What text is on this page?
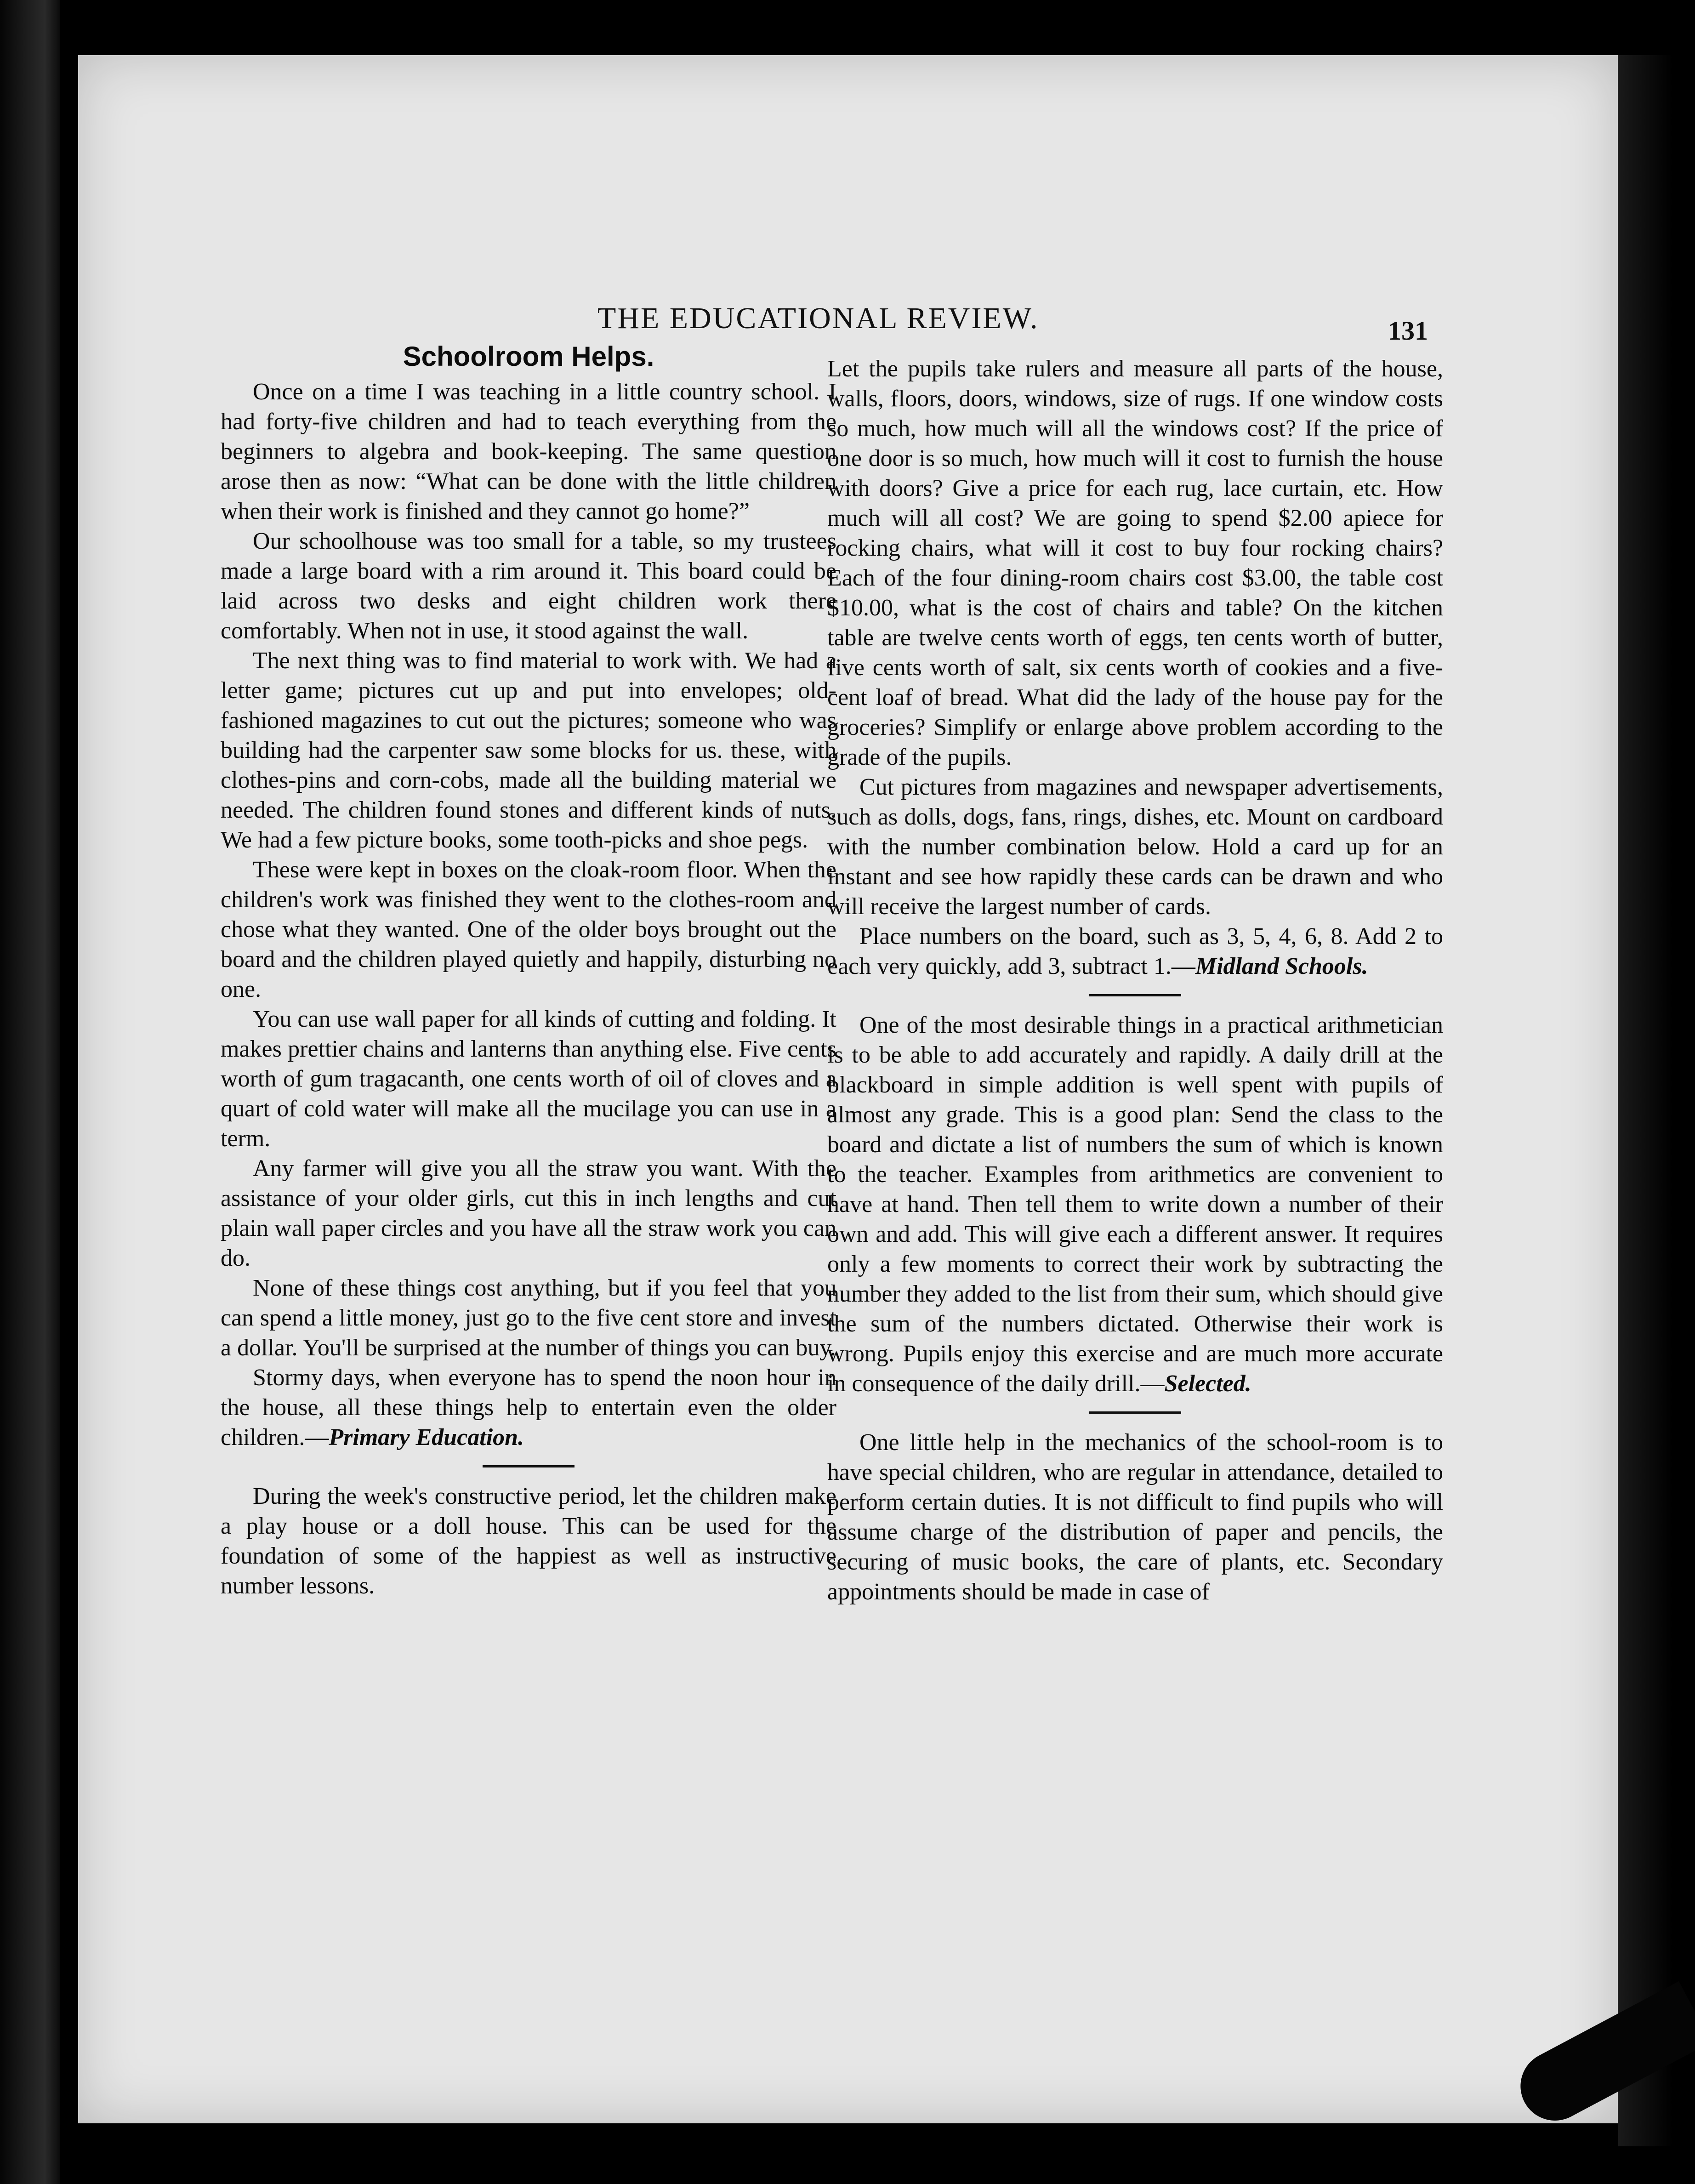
THE EDUCATIONAL REVIEW.	131
Schoolroom Helps.

Once on a time I was teaching in a little country school. I had forty-five children and had to teach everything from the beginners to algebra and book-keeping. The same question arose then as now: “What can be done with the little children when their work is finished and they cannot go home?”

Our schoolhouse was too small for a table, so my trustees made a large board with a rim around it. This board could be laid across two desks and eight children work there comfortably. When not in use, it stood against the wall.

The next thing was to find material to work with. We had a letter game; pictures cut up and put into envelopes; old-fashioned magazines to cut out the pictures; someone who was building had the carpenter saw some blocks for us. these, with clothes-pins and corn-cobs, made all the building material we needed. The children found stones and different kinds of nuts. We had a few picture books, some tooth-picks and shoe pegs.

These were kept in boxes on the cloak-room floor. When the children's work was finished they went to the clothes-room and chose what they wanted. One of the older boys brought out the board and the children played quietly and happily, disturbing no one.

You can use wall paper for all kinds of cutting and folding. It makes prettier chains and lanterns than anything else. Five cents worth of gum tragacanth, one cents worth of oil of cloves and a quart of cold water will make all the mucilage you can use in a term.

Any farmer will give you all the straw you want. With the assistance of your older girls, cut this in inch lengths and cut plain wall paper circles and you have all the straw work you can do.

None of these things cost anything, but if you feel that you can spend a little money, just go to the five cent store and invest a dollar. You'll be surprised at the number of things you can buy.

Stormy days, when everyone has to spend the noon hour in the house, all these things help to entertain even the older children.—Primary Education.

During the week's constructive period, let the children make a play house or a doll house. This can be used for the foundation of some of the happiest as well as instructive number lessons.

Let the pupils take rulers and measure all parts of the house, walls, floors, doors, windows, size of rugs. If one window costs so much, how much will all the windows cost? If the price of one door is so much, how much will it cost to furnish the house with doors? Give a price for each rug, lace curtain, etc. How much will all cost? We are going to spend $2.00 apiece for rocking chairs, what will it cost to buy four rocking chairs? Each of the four dining-room chairs cost $3.00, the table cost $10.00, what is the cost of chairs and table? On the kitchen table are twelve cents worth of eggs, ten cents worth of butter, five cents worth of salt, six cents worth of cookies and a five-cent loaf of bread. What did the lady of the house pay for the groceries? Simplify or enlarge above problem according to the grade of the pupils.

Cut pictures from magazines and newspaper advertisements, such as dolls, dogs, fans, rings, dishes, etc. Mount on cardboard with the number combination below. Hold a card up for an instant and see how rapidly these cards can be drawn and who will receive the largest number of cards.

Place numbers on the board, such as 3, 5, 4, 6, 8. Add 2 to each very quickly, add 3, subtract 1.—Midland Schools.

One of the most desirable things in a practical arithmetician is to be able to add accurately and rapidly. A daily drill at the blackboard in simple addition is well spent with pupils of almost any grade. This is a good plan: Send the class to the board and dictate a list of numbers the sum of which is known to the teacher. Examples from arithmetics are convenient to have at hand. Then tell them to write down a number of their own and add. This will give each a different answer. It requires only a few moments to correct their work by subtracting the number they added to the list from their sum, which should give the sum of the numbers dictated. Otherwise their work is wrong. Pupils enjoy this exercise and are much more accurate in consequence of the daily drill.—Selected.

One little help in the mechanics of the school-room is to have special children, who are regular in attendance, detailed to perform certain duties. It is not difficult to find pupils who will assume charge of the distribution of paper and pencils, the securing of music books, the care of plants, etc. Secondary appointments should be made in case of
